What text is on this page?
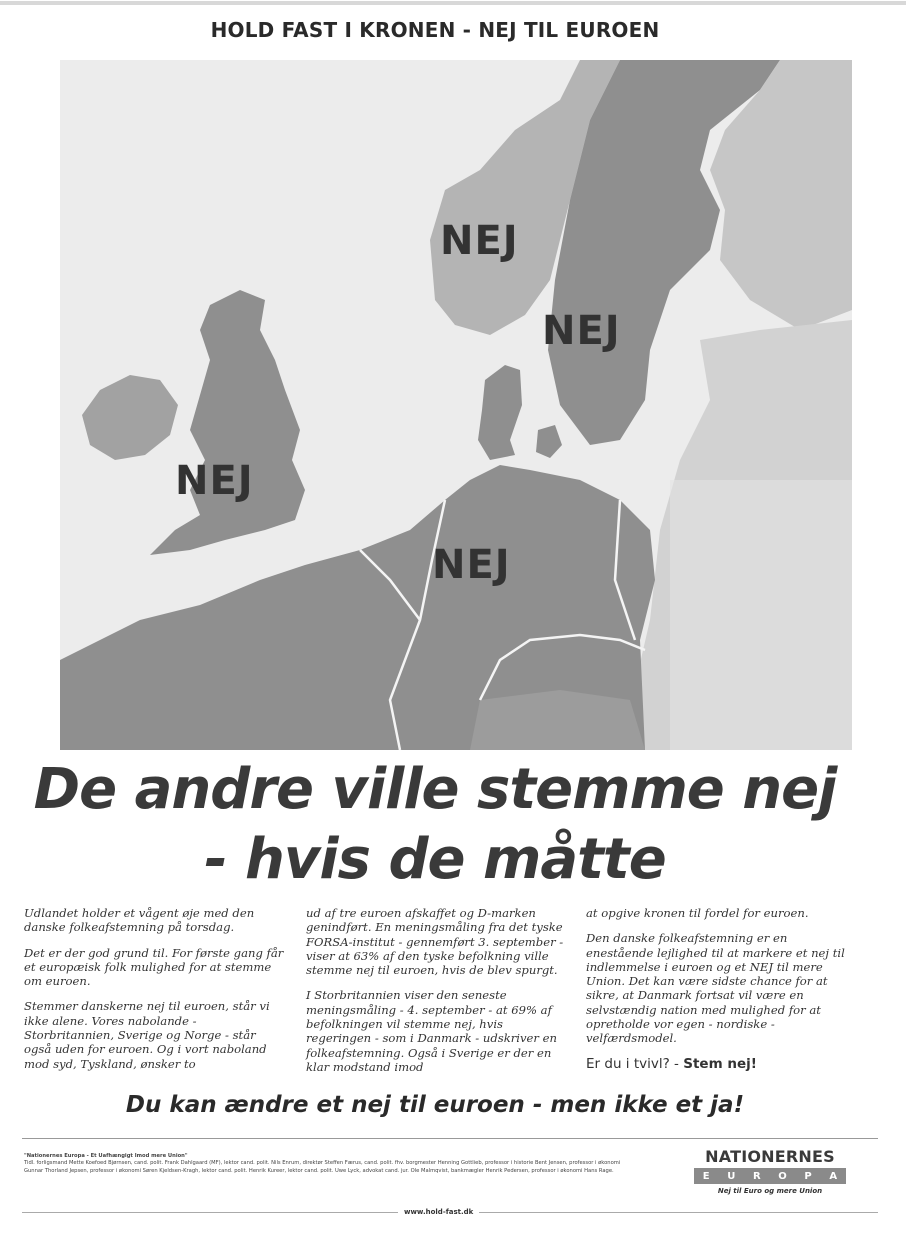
HOLD FAST I KRONEN - NEJ TIL EUROEN
NEJ
NEJ
NEJ
NEJ
De andre ville stemme nej
- hvis de måtte

Udlandet holder et vågent øje med den danske folkeafstemning på torsdag.

Det er der god grund til. For første gang får et europæisk folk mulighed for at stemme om euroen.

Stemmer danskerne nej til euroen, står vi ikke alene. Vores nabolande - Storbritannien, Sverige og Norge - står også uden for euroen. Og i vort naboland mod syd, Tyskland, ønsker to

ud af tre euroen afskaffet og D-marken genindført. En meningsmåling fra det tyske FORSA-institut - gennemført 3. september - viser at 63% af den tyske befolkning ville stemme nej til euroen, hvis de blev spurgt.

I Storbritannien viser den seneste meningsmåling - 4. september - at 69% af befolkningen vil stemme nej, hvis regeringen - som i Danmark - udskriver en folkeafstemning. Også i Sverige er der en klar modstand imod

at opgive kronen til fordel for euroen.

Den danske folkeafstemning er en enestående lejlighed til at markere et nej til indlemmelse i euroen og et NEJ til mere Union. Det kan være sidste chance for at sikre, at Danmark fortsat vil være en selvstændig nation med mulighed for at opretholde vor egen - nordiske - velfærdsmodel.

Er du i tvivl? - Stem nej!
Du kan ændre et nej til euroen - men ikke et ja!
"Nationernes Europa - Et Uafhængigt Imod mere Union"
Tidl. forligsmand Mette Koefoed Bjørnsen, cand. polit. Frank Dahlgaard (MF), lektor cand. polit. Nils Enrum, direktør Steffen Færus, cand. polit. fhv. borgmester Henning Gottlieb, professor i historie Bent Jensen, professor i økonomi Gunnar Thorland Jepsen, professor i økonomi Søren Kjeldsen-Kragh, lektor cand. polit. Henrik Kureer, lektor cand. polit. Uwe Lyck, advokat cand. jur. Ole Malmqvist, bankmægler Henrik Pedersen, professor i økonomi Hans Rage.
www.hold-fast.dk
NATIONERNES
E U R O P A
Nej til Euro og mere Union
